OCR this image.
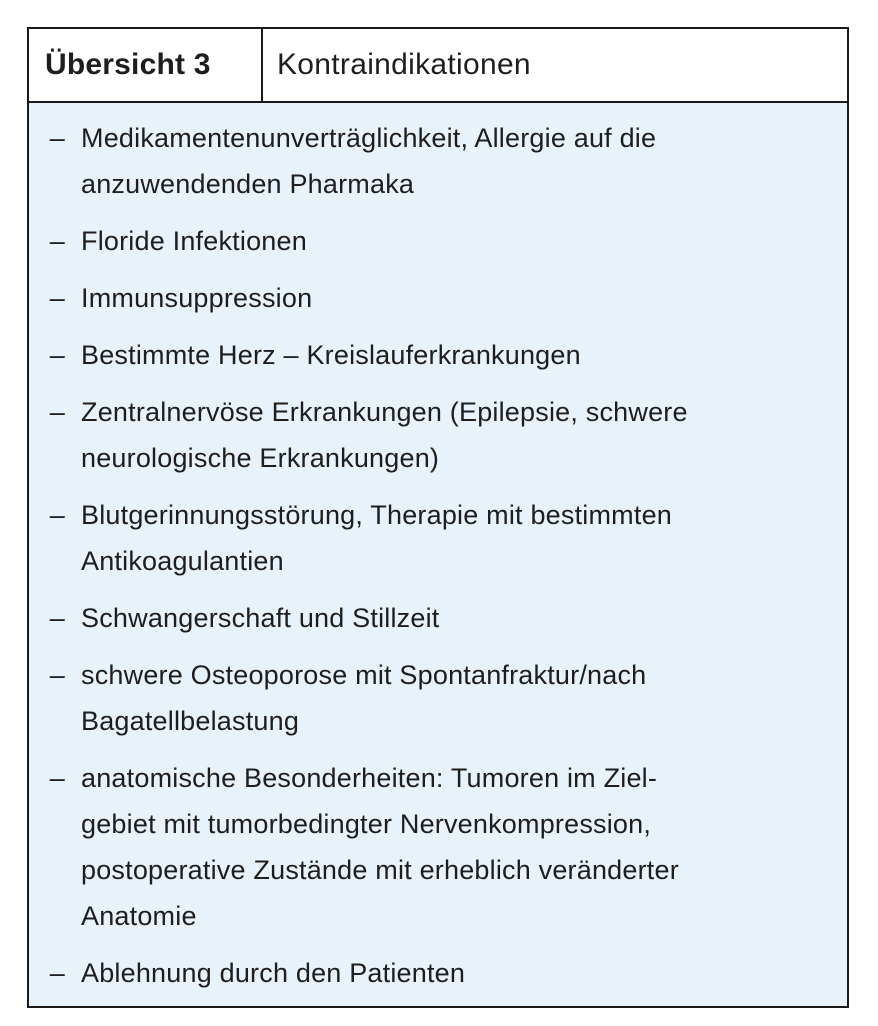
Übersicht 3	Kontraindikationen
– Medikamentenunverträglichkeit, Allergie auf die
anzuwendenden Pharmaka
– Floride Infektionen
– Immunsuppression
– Bestimmte Herz – Kreislauferkrankungen
– Zentralnervöse Erkrankungen (Epilepsie, schwere
neurologische Erkrankungen)
– Blutgerinnungsstörung, Therapie mit bestimmten
Antikoagulantien
– Schwangerschaft und Stillzeit
– schwere Osteoporose mit Spontanfraktur/nach
Bagatellbelastung
– anatomische Besonderheiten: Tumoren im Ziel-
gebiet mit tumorbedingter Nervenkompression,
postoperative Zustände mit erheblich veränderter
Anatomie
– Ablehnung durch den Patienten
